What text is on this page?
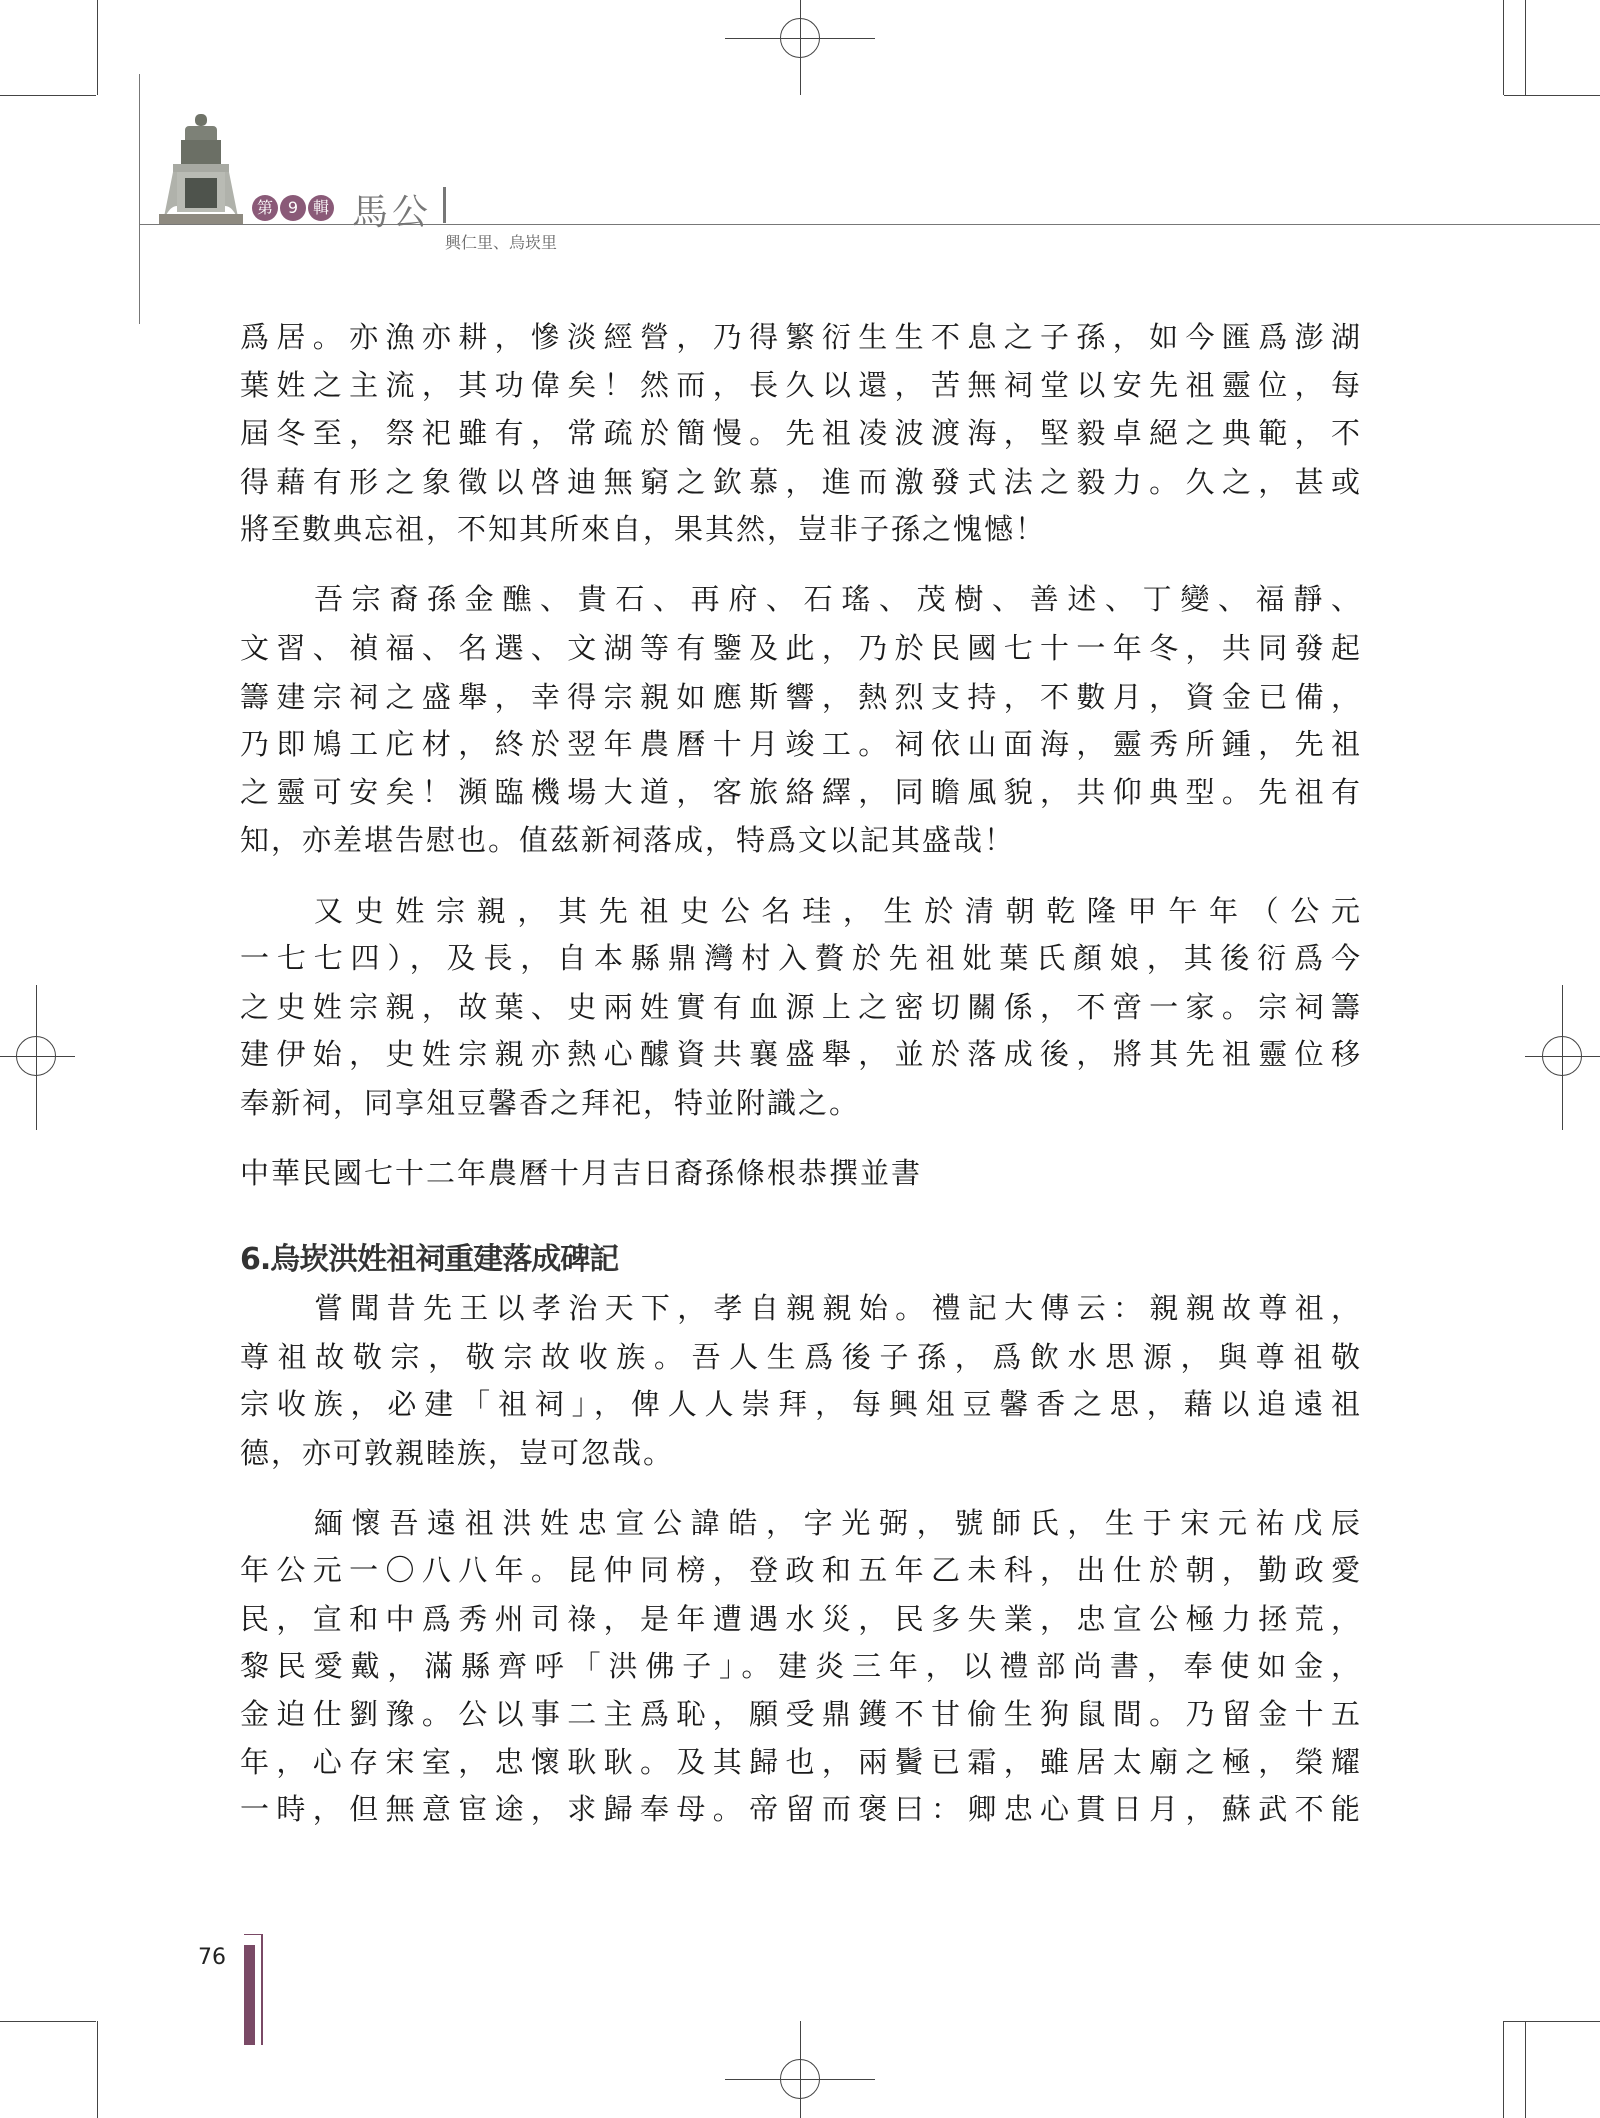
第 9 輯 馬公
興仁里、烏崁里
爲居。亦漁亦耕，慘淡經營，乃得繁衍生生不息之子孫，如今匯爲澎湖
葉姓之主流，其功偉矣！然而，長久以還，苦無祠堂以安先祖靈位，每
屆冬至，祭祀雖有，常疏於簡慢。先祖凌波渡海，堅毅卓絕之典範，不
得藉有形之象徵以啓迪無窮之欽慕，進而激發式法之毅力。久之，甚或
將至數典忘祖，不知其所來自，果其然，豈非子孫之愧憾！
吾宗裔孫金醮、貴石、再府、石瑤、茂樹、善述、丁變、福靜、
文習、禎福、名選、文湖等有鑒及此，乃於民國七十一年冬，共同發起
籌建宗祠之盛舉，幸得宗親如應斯響，熱烈支持，不數月，資金已備，
乃即鳩工庀材，終於翌年農曆十月竣工。祠依山面海，靈秀所鍾，先祖
之靈可安矣！瀕臨機場大道，客旅絡繹，同瞻風貌，共仰典型。先祖有
知，亦差堪告慰也。值茲新祠落成，特爲文以記其盛哉！
又史姓宗親，其先祖史公名珪，生於清朝乾隆甲午年（公元
一七七四），及長，自本縣鼎灣村入贅於先祖妣葉氏顏娘，其後衍爲今
之史姓宗親，故葉、史兩姓實有血源上之密切關係，不啻一家。宗祠籌
建伊始，史姓宗親亦熱心醵資共襄盛舉，並於落成後，將其先祖靈位移
奉新祠，同享俎豆馨香之拜祀，特並附識之。
中華民國七十二年農曆十月吉日裔孫條根恭撰並書
6.烏崁洪姓祖祠重建落成碑記
嘗聞昔先王以孝治天下，孝自親親始。禮記大傳云：親親故尊祖，
尊祖故敬宗，敬宗故收族。吾人生爲後子孫，爲飲水思源，與尊祖敬
宗收族，必建「祖祠」，俾人人崇拜，每興俎豆馨香之思，藉以追遠祖
德，亦可敦親睦族，豈可忽哉。
緬懷吾遠祖洪姓忠宣公諱皓，字光弼，號師氏，生于宋元祐戊辰
年公元一〇八八年。昆仲同榜，登政和五年乙未科，出仕於朝，勤政愛
民，宣和中爲秀州司祿，是年遭遇水災，民多失業，忠宣公極力拯荒，
黎民愛戴，滿縣齊呼「洪佛子」。建炎三年，以禮部尚書，奉使如金，
金迫仕劉豫。公以事二主爲恥，願受鼎鑊不甘偷生狗鼠間。乃留金十五
年，心存宋室，忠懷耿耿。及其歸也，兩鬢已霜，雖居太廟之極，榮耀
一時，但無意宦途，求歸奉母。帝留而褒曰：卿忠心貫日月，蘇武不能
76
